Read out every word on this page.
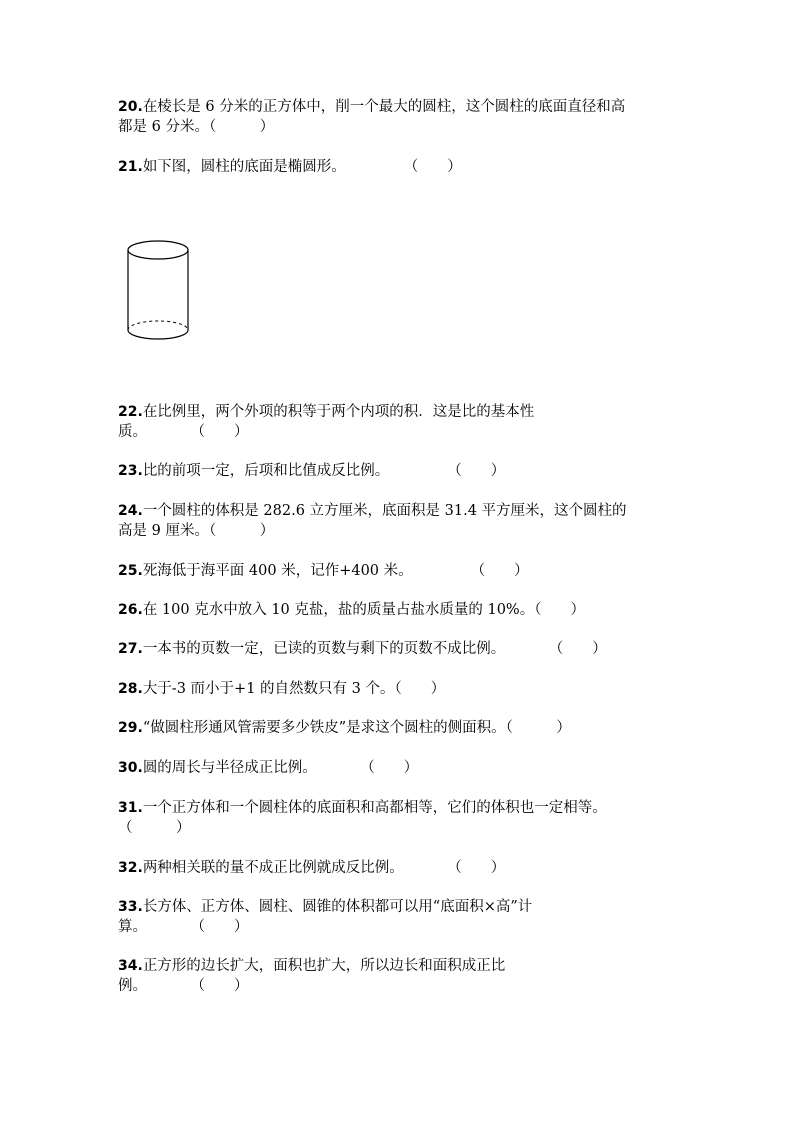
20.在棱长是 6 分米的正方体中，削一个最大的圆柱，这个圆柱的底面直径和高
都是 6 分米。（　　　）
21.如下图，圆柱的底面是椭圆形。　　　　　（　　）
22.在比例里，两个外项的积等于两个内项的积．这是比的基本性
质。　　　　（　　）
23.比的前项一定，后项和比值成反比例。　　　　　（　　）
24.一个圆柱的体积是 282.6 立方厘米，底面积是 31.4 平方厘米，这个圆柱的
高是 9 厘米。（　　　）
25.死海低于海平面 400 米，记作+400 米。　　　　　（　　）
26.在 100 克水中放入 10 克盐，盐的质量占盐水质量的 10%。（　　）
27.一本书的页数一定，已读的页数与剩下的页数不成比例。　　　　（　　）
28.大于-3 而小于+1 的自然数只有 3 个。（　　）
29.“做圆柱形通风管需要多少铁皮”是求这个圆柱的侧面积。（　　　）
30.圆的周长与半径成正比例。　　　　（　　）
31.一个正方体和一个圆柱体的底面积和高都相等，它们的体积也一定相等。
（　　　）
32.两种相关联的量不成正比例就成反比例。　　　　（　　）
33.长方体、正方体、圆柱、圆锥的体积都可以用“底面积×高”计
算。　　　　（　　）
34.正方形的边长扩大，面积也扩大，所以边长和面积成正比
例。　　　　（　　）
